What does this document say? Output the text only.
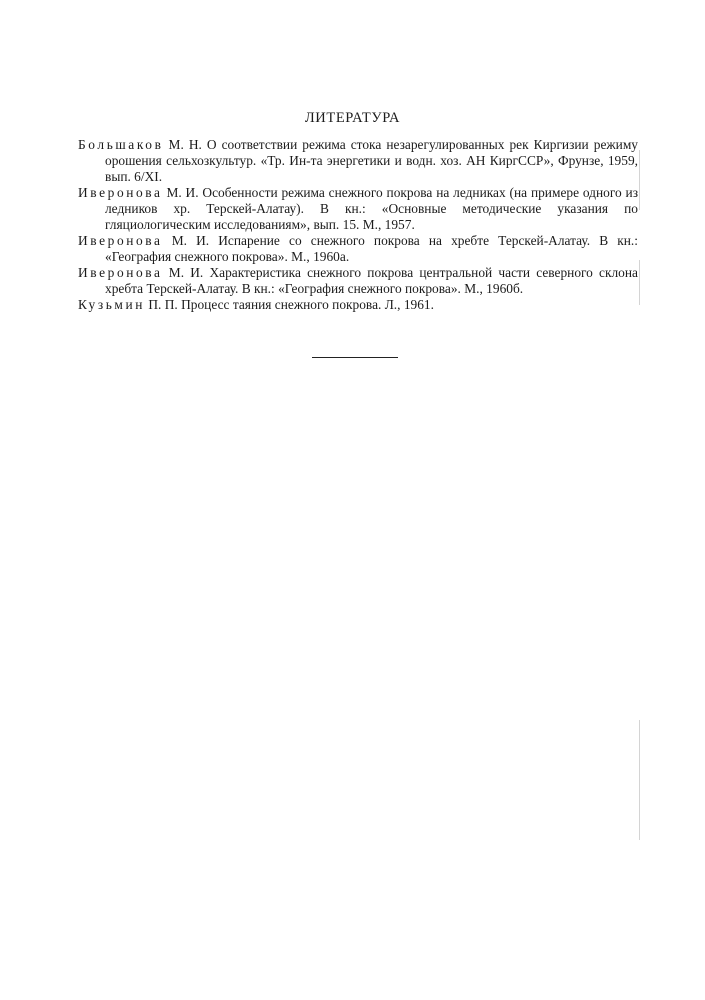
ЛИТЕРАТУРА

Большаков М. Н. О соответствии режима стока незарегулированных рек Киргизии режиму орошения сельхозкультур. «Тр. Ин-та энергетики и водн. хоз. АН КиргССР», Фрунзе, 1959, вып. 6/XI.

Иверонова М. И. Особенности режима снежного покрова на ледниках (на примере одного из ледников хр. Терскей-Алатау). В кн.: «Основные методические указания по гляциологическим исследованиям», вып. 15. М., 1957.

Иверонова М. И. Испарение со снежного покрова на хребте Терскей-Алатау. В кн.: «География снежного покрова». М., 1960а.

Иверонова М. И. Характеристика снежного покрова центральной части северного склона хребта Терскей-Алатау. В кн.: «География снежного покрова». М., 1960б.

Кузьмин П. П. Процесс таяния снежного покрова. Л., 1961.
